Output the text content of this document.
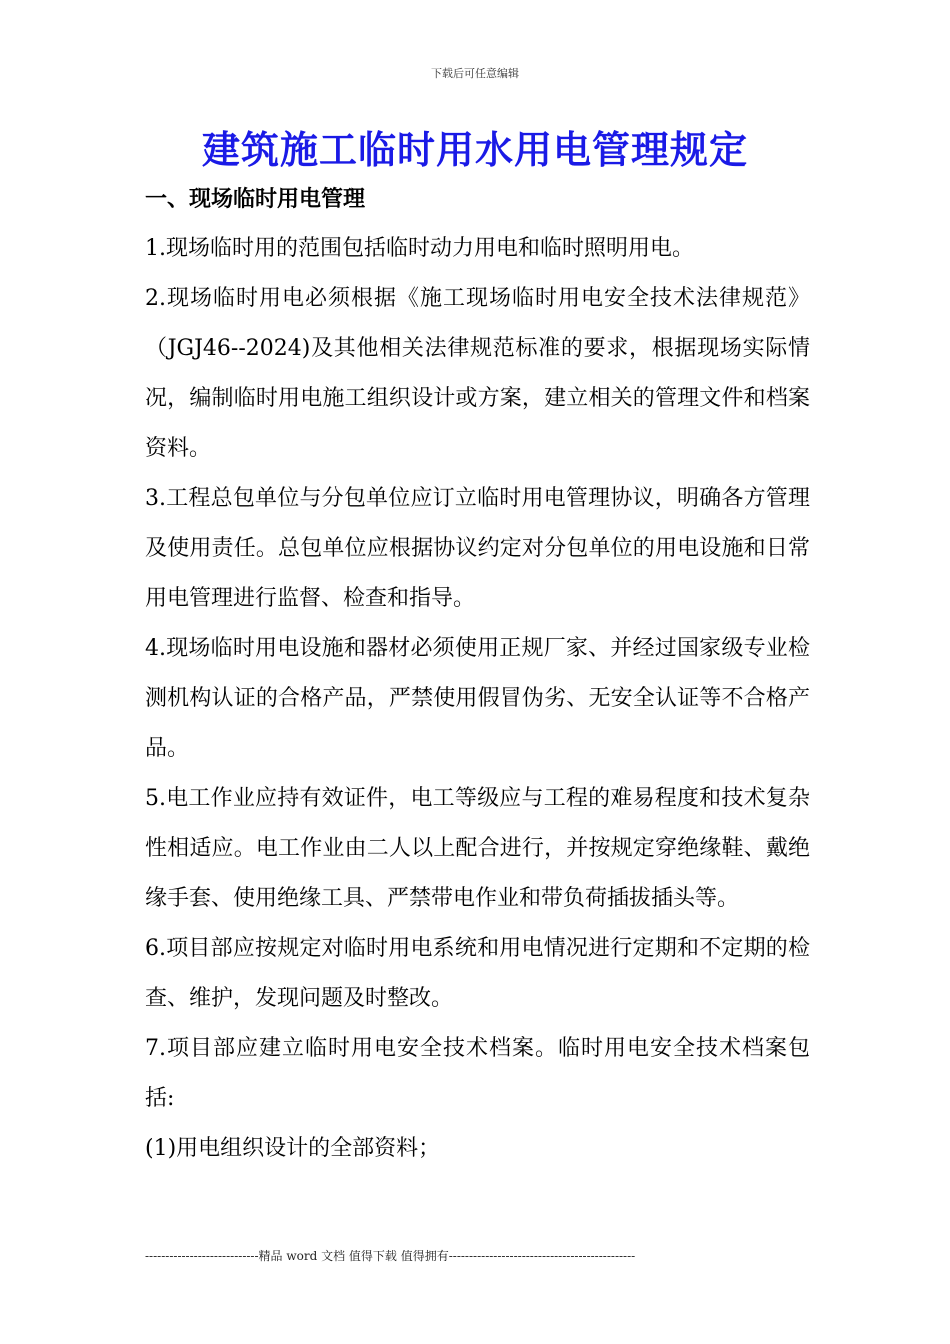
下载后可任意编辑
建筑施工临时用水用电管理规定
一、现场临时用电管理

1.现场临时用的范围包括临时动力用电和临时照明用电。

2.现场临时用电必须根据《施工现场临时用电安全技术法律规范》（JGJ46--2024)及其他相关法律规范标准的要求，根据现场实际情况，编制临时用电施工组织设计或方案，建立相关的管理文件和档案资料。

3.工程总包单位与分包单位应订立临时用电管理协议，明确各方管理及使用责任。总包单位应根据协议约定对分包单位的用电设施和日常用电管理进行监督、检查和指导。

4.现场临时用电设施和器材必须使用正规厂家、并经过国家级专业检测机构认证的合格产品，严禁使用假冒伪劣、无安全认证等不合格产品。

5.电工作业应持有效证件，电工等级应与工程的难易程度和技术复杂性相适应。电工作业由二人以上配合进行，并按规定穿绝缘鞋、戴绝缘手套、使用绝缘工具、严禁带电作业和带负荷插拔插头等。

6.项目部应按规定对临时用电系统和用电情况进行定期和不定期的检查、维护，发现问题及时整改。

7.项目部应建立临时用电安全技术档案。临时用电安全技术档案包括:

(1)用电组织设计的全部资料；

----------------------------精品 word 文档 值得下载 值得拥有----------------------------------------------
